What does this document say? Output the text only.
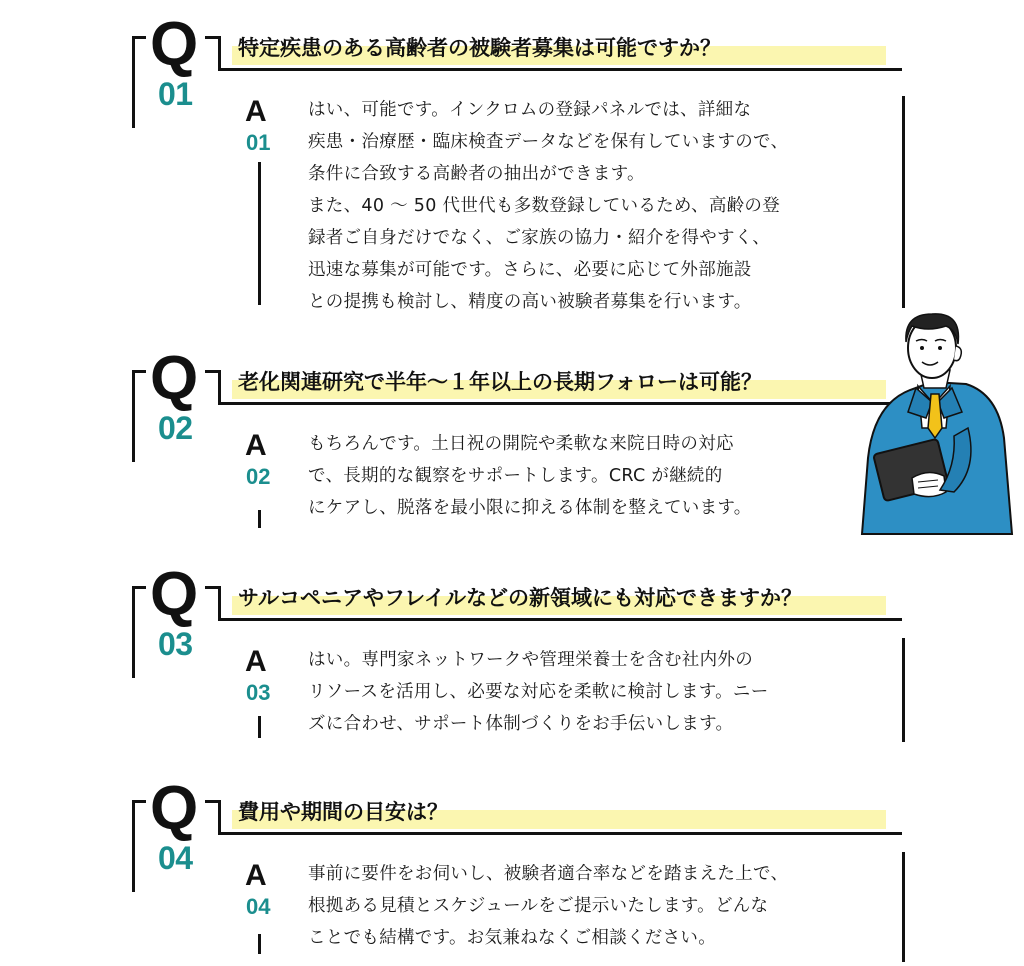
Q
01
特定疾患のある高齢者の被験者募集は可能ですか？
A
01
はい、可能です。インクロムの登録パネルでは、詳細な
疾患・治療歴・臨床検査データなどを保有していますので、
条件に合致する高齢者の抽出ができます。
また、40 ～ 50 代世代も多数登録しているため、高齢の登
録者ご自身だけでなく、ご家族の協力・紹介を得やすく、
迅速な募集が可能です。さらに、必要に応じて外部施設
との提携も検討し、精度の高い被験者募集を行います。
Q
02
老化関連研究で半年～１年以上の長期フォローは可能？
A
02
もちろんです。土日祝の開院や柔軟な来院日時の対応
で、長期的な観察をサポートします。CRC が継続的
にケアし、脱落を最小限に抑える体制を整えています。
Q
03
サルコペニアやフレイルなどの新領域にも対応できますか？
A
03
はい。専門家ネットワークや管理栄養士を含む社内外の
リソースを活用し、必要な対応を柔軟に検討します。ニー
ズに合わせ、サポート体制づくりをお手伝いします。
Q
04
費用や期間の目安は？
A
04
事前に要件をお伺いし、被験者適合率などを踏まえた上で、
根拠ある見積とスケジュールをご提示いたします。どんな
ことでも結構です。お気兼ねなくご相談ください。
